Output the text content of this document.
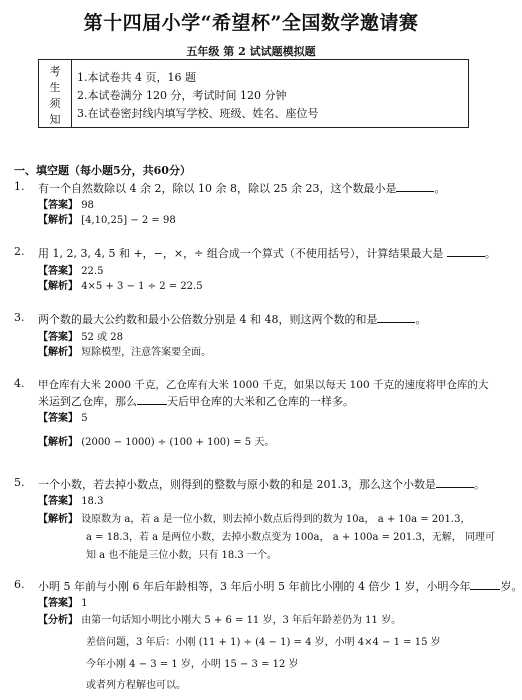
第十四届小学“希望杯”全国数学邀请赛
五年级 第 2 试试题模拟题
考
生
须
知
1.本试卷共 4 页，16 题
2.本试卷满分 120 分，考试时间 120 分钟
3.在试卷密封线内填写学校、班级、姓名、座位号
一、填空题（每小题5分，共60分）
1. 有一个自然数除以 4 余 2，除以 10 余 8，除以 25 余 23，这个数最小是	。
【答案】 98
【解析】 [4,10,25] − 2 = 98
2. 用 1, 2, 3, 4, 5 和 +，−，×，÷ 组合成一个算式（不使用括号），计算结果最大是	。
【答案】 22.5
【解析】 4×5 + 3 − 1 ÷ 2 = 22.5
3. 两个数的最大公约数和最小公倍数分别是 4 和 48，则这两个数的和是	。
【答案】 52 或 28
【解析】 短除模型，注意答案要全面。
4. 甲仓库有大米 2000 千克，乙仓库有大米 1000 千克，如果以每天 100 千克的速度将甲仓库的大
米运到乙仓库，那么	天后甲仓库的大米和乙仓库的一样多。
【答案】 5
【解析】 (2000 − 1000) ÷ (100 + 100) = 5 天。
5. 一个小数，若去掉小数点，则得到的整数与原小数的和是 201.3，那么这个小数是	。
【答案】 18.3
【解析】 设原数为 a，若 a 是一位小数，则去掉小数点后得到的数为 10a， a + 10a = 201.3，
a = 18.3，若 a 是两位小数，去掉小数点变为 100a， a + 100a = 201.3，无解， 同理可
知 a 也不能是三位小数，只有 18.3 一个。
6. 小明 5 年前与小刚 6 年后年龄相等，3 年后小明 5 年前比小刚的 4 倍少 1 岁，小明今年	岁。
【答案】 1
【分析】 由第一句话知小明比小刚大 5 + 6 = 11 岁，3 年后年龄差仍为 11 岁。
差倍问题，3 年后：小刚 (11 + 1) ÷ (4 − 1) = 4 岁，小明 4×4 − 1 = 15 岁
今年小刚 4 − 3 = 1 岁，小明 15 − 3 = 12 岁
或者列方程解也可以。
